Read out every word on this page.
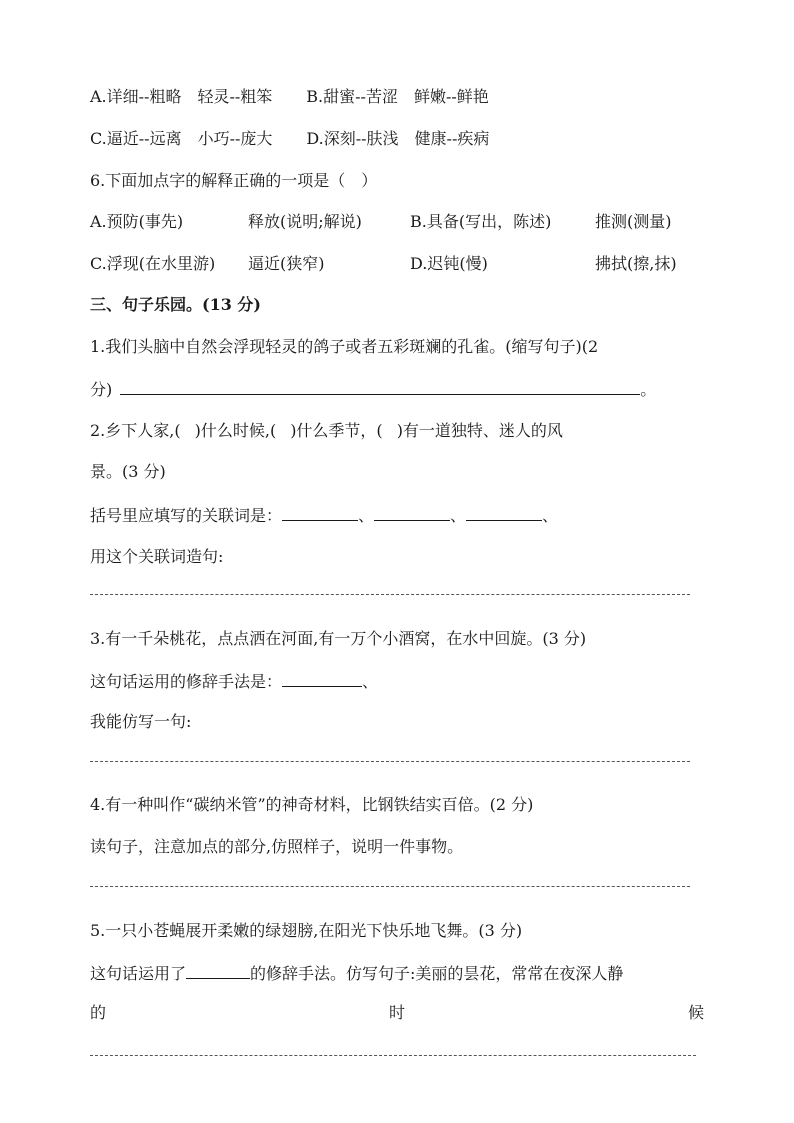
A.详细--粗略　轻灵--粗笨 B.甜蜜--苦涩　鲜嫩--鲜艳
C.逼近--远离　小巧--庞大 D.深刻--肤浅　健康--疾病
6.下面加点字的解释正确的一项是（　）
A.预防(事先)	释放(说明;解说)	B.具备(写出，陈述)	推测(测量)
C.浮现(在水里游) 逼近(狭窄)	D.迟钝(慢)	拂拭(擦,抹)
三、句子乐园。(13 分)
1.我们头脑中自然会浮现轻灵的鸽子或者五彩斑斓的孔雀。(缩写句子)(2
分)	。
2.乡下人家,( )什么时候,( )什么季节，( )有一道独特、迷人的风
景。(3 分)
括号里应填写的关联词是：	、	、	、
用这个关联词造句:
3.有一千朵桃花，点点洒在河面,有一万个小酒窝，在水中回旋。(3 分)
这句话运用的修辞手法是：	、
我能仿写一句:
4.有一种叫作“碳纳米管”的神奇材料，比钢铁结实百倍。(2 分)
读句子，注意加点的部分,仿照样子，说明一件事物。
5.一只小苍蝇展开柔嫩的绿翅膀,在阳光下快乐地飞舞。(3 分)
这句话运用了	的修辞手法。仿写句子:美丽的昙花，常常在夜深人静
的	时	候
